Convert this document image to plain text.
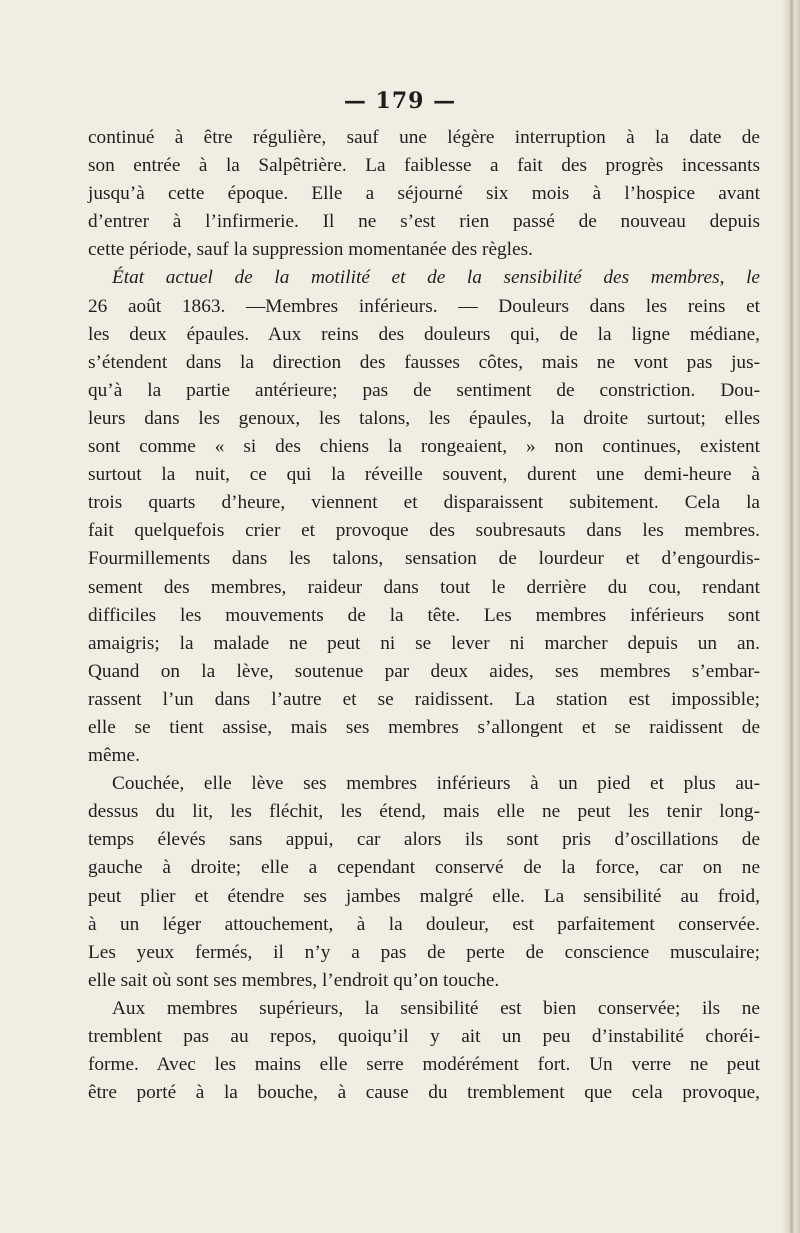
— 179 —
continué à être régulière, sauf une légère interruption à la date de
son entrée à la Salpêtrière. La faiblesse a fait des progrès incessants
jusqu’à cette époque. Elle a séjourné six mois à l’hospice avant
d’entrer à l’infirmerie. Il ne s’est rien passé de nouveau depuis
cette période, sauf la suppression momentanée des règles.
État actuel de la motilité et de la sensibilité des membres, le
26 août 1863. —Membres inférieurs. — Douleurs dans les reins et
les deux épaules. Aux reins des douleurs qui, de la ligne médiane,
s’étendent dans la direction des fausses côtes, mais ne vont pas jus-
qu’à la partie antérieure; pas de sentiment de constriction. Dou-
leurs dans les genoux, les talons, les épaules, la droite surtout; elles
sont comme « si des chiens la rongeaient, » non continues, existent
surtout la nuit, ce qui la réveille souvent, durent une demi-heure à
trois quarts d’heure, viennent et disparaissent subitement. Cela la
fait quelquefois crier et provoque des soubresauts dans les membres.
Fourmillements dans les talons, sensation de lourdeur et d’engourdis-
sement des membres, raideur dans tout le derrière du cou, rendant
difficiles les mouvements de la tête. Les membres inférieurs sont
amaigris; la malade ne peut ni se lever ni marcher depuis un an.
Quand on la lève, soutenue par deux aides, ses membres s’embar-
rassent l’un dans l’autre et se raidissent. La station est impossible;
elle se tient assise, mais ses membres s’allongent et se raidissent de
même.
Couchée, elle lève ses membres inférieurs à un pied et plus au-
dessus du lit, les fléchit, les étend, mais elle ne peut les tenir long-
temps élevés sans appui, car alors ils sont pris d’oscillations de
gauche à droite; elle a cependant conservé de la force, car on ne
peut plier et étendre ses jambes malgré elle. La sensibilité au froid,
à un léger attouchement, à la douleur, est parfaitement conservée.
Les yeux fermés, il n’y a pas de perte de conscience musculaire;
elle sait où sont ses membres, l’endroit qu’on touche.
Aux membres supérieurs, la sensibilité est bien conservée; ils ne
tremblent pas au repos, quoiqu’il y ait un peu d’instabilité choréi-
forme. Avec les mains elle serre modérément fort. Un verre ne peut
être porté à la bouche, à cause du tremblement que cela provoque,
